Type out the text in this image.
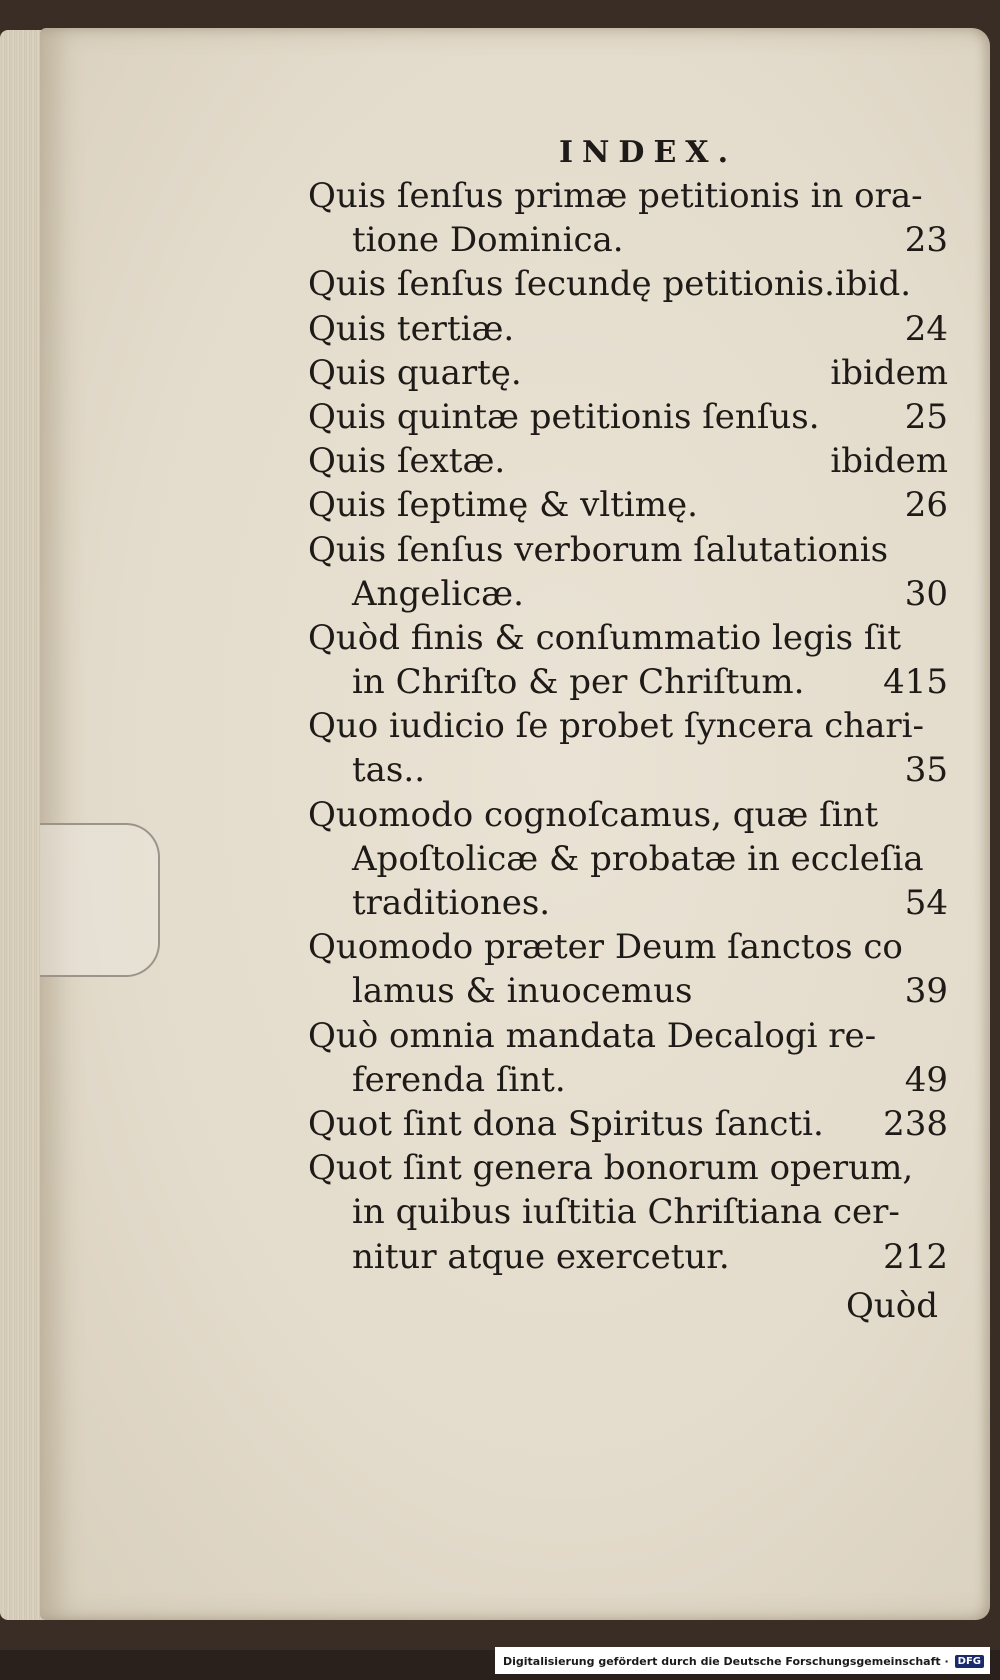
INDEX.
Quis ſenſus primæ petitionis in ora-
tione Dominica.	23
Quis ſenſus ſecundę petitionis.ibid.
Quis tertiæ.	24
Quis quartę.	ibidem
Quis quintæ petitionis ſenſus.	25
Quis ſextæ.	ibidem
Quis ſeptimę & vltimę.	26
Quis ſenſus verborum ſalutationis
Angelicæ.	30
Quòd finis & conſummatio legis ſit
in Chriſto & per Chriſtum. 415
Quo iudicio ſe probet ſyncera chari-
tas..	35
Quomodo cognoſcamus, quæ ſint
Apoſtolicæ & probatæ in eccleſia
traditiones.	54
Quomodo præter Deum ſanctos co
lamus & inuocemus	39
Quò omnia mandata Decalogi re-
ferenda ſint.	49
Quot ſint dona Spiritus ſancti. 238
Quot ſint genera bonorum operum,
in quibus iuſtitia Chriſtiana cer-
nitur atque exercetur.	212
Quòd
Digitalisierung gefördert durch die Deutsche Forschungsgemeinschaft · DFG
